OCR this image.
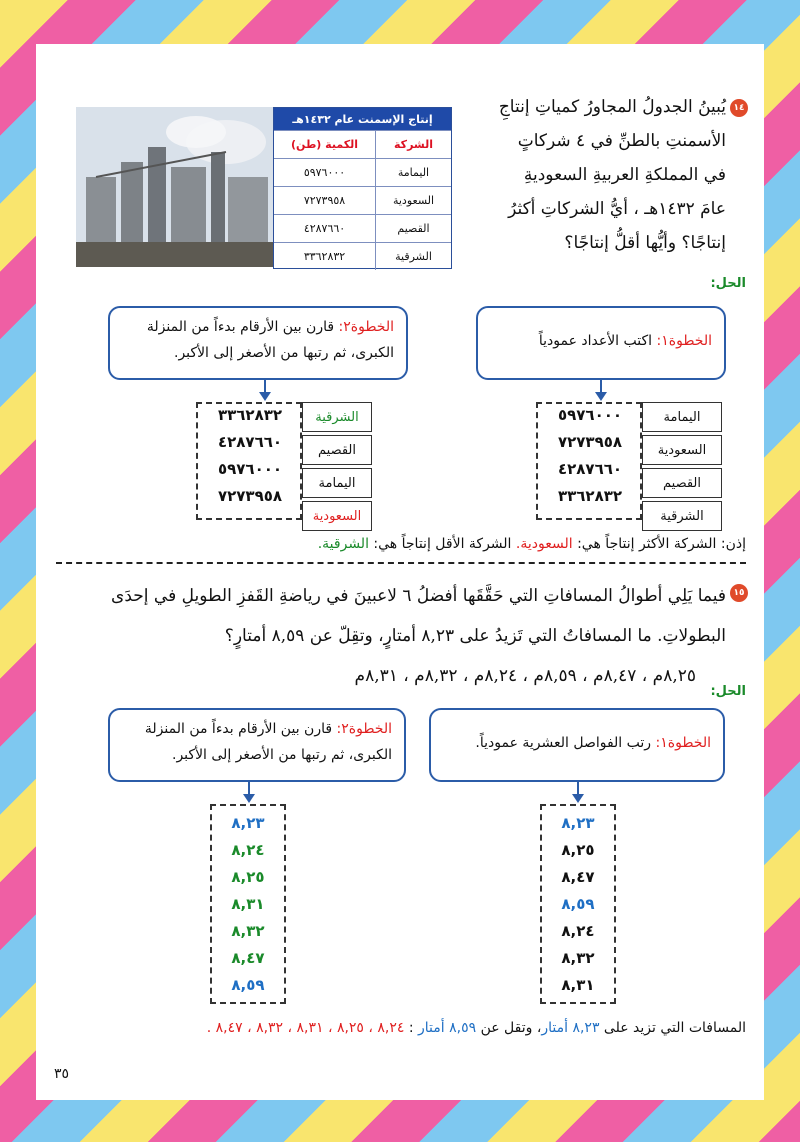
إنتاج الإسمنت عام ١٤٣٢هـ
الشركة
الكمية (طن)
اليمامة
٥٩٧٦٠٠٠
السعودية
٧٢٧٣٩٥٨
القصيم
٤٢٨٧٦٦٠
الشرقية
٣٣٦٢٨٣٢
١٤
يُبينُ الجدولُ المجاورُ كمياتِ إنتاجِ
الأسمنتِ بالطنِّ في ٤ شركاتٍ
في المملكةِ العربيةِ السعوديةِ
عامَ ١٤٣٢هـ ، أيُّ الشركاتِ أكثرُ
إنتاجًا؟ وأيُّها أقلُّ إنتاجًا؟
الحل:
الخطوة١: اكتب الأعداد عمودياً
الخطوة٢: قارن بين الأرقام بدءاً من المنزلة
الكبرى، ثم رتبها من الأصغر إلى الأكبر.
٥٩٧٦٠٠٠
٧٢٧٣٩٥٨
٤٢٨٧٦٦٠
٣٣٦٢٨٣٢
اليمامة
السعودية
القصيم
الشرقية
٣٣٦٢٨٣٢
٤٢٨٧٦٦٠
٥٩٧٦٠٠٠
٧٢٧٣٩٥٨
الشرقية
القصيم
اليمامة
السعودية
إذن: الشركة الأكثر إنتاجاً هي: السعودية. الشركة الأقل إنتاجاً هي: الشرقية.
١٥
فيما يَلِي أطوالُ المسافاتِ التي حَقَّقَها أفضلُ ٦ لاعبينَ في رياضةِ القَفزِ الطويلِ في إحدَى
البطولاتِ. ما المسافاتُ التي تَزيدُ على ٨,٢٣ أمتارٍ، وتقِلّ عن ٨,٥٩ أمتارٍ؟
٨,٢٥م ، ٨,٤٧م ، ٨,٥٩م ، ٨,٢٤م ، ٨,٣٢م ، ٨,٣١م
الحل:
الخطوة١: رتب الفواصل العشرية عمودياً.
الخطوة٢: قارن بين الأرقام بدءاً من المنزلة
الكبرى، ثم رتبها من الأصغر إلى الأكبر.
٨,٢٣
٨,٢٥
٨,٤٧
٨,٥٩
٨,٢٤
٨,٣٢
٨,٣١
٨,٢٣
٨,٢٤
٨,٢٥
٨,٣١
٨,٣٢
٨,٤٧
٨,٥٩
المسافات التي تزيد على ٨,٢٣ أمتار، وتقل عن ٨,٥٩ أمتار : ٨,٢٤ ، ٨,٢٥ ، ٨,٣١ ، ٨,٣٢ ، ٨,٤٧ .
٣٥
